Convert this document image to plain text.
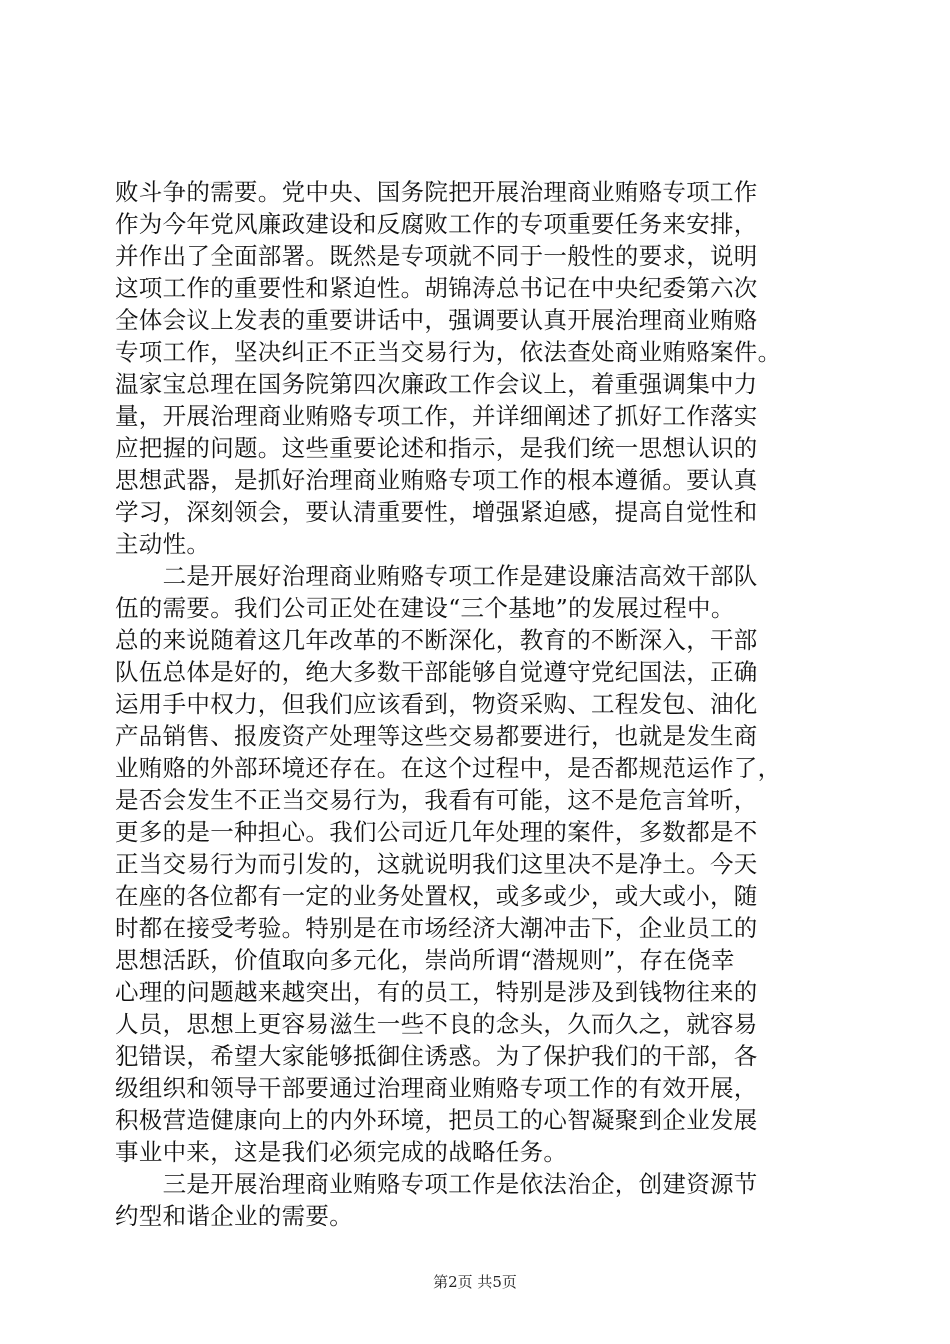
败斗争的需要。党中央、国务院把开展治理商业贿赂专项工作
作为今年党风廉政建设和反腐败工作的专项重要任务来安排，
并作出了全面部署。既然是专项就不同于一般性的要求，说明
这项工作的重要性和紧迫性。胡锦涛总书记在中央纪委第六次
全体会议上发表的重要讲话中，强调要认真开展治理商业贿赂
专项工作，坚决纠正不正当交易行为，依法查处商业贿赂案件。
温家宝总理在国务院第四次廉政工作会议上，着重强调集中力
量，开展治理商业贿赂专项工作，并详细阐述了抓好工作落实
应把握的问题。这些重要论述和指示，是我们统一思想认识的
思想武器，是抓好治理商业贿赂专项工作的根本遵循。要认真
学习，深刻领会，要认清重要性，增强紧迫感，提高自觉性和
主动性。
　　二是开展好治理商业贿赂专项工作是建设廉洁高效干部队
伍的需要。我们公司正处在建设“三个基地”的发展过程中。
总的来说随着这几年改革的不断深化，教育的不断深入，干部
队伍总体是好的，绝大多数干部能够自觉遵守党纪国法，正确
运用手中权力，但我们应该看到，物资采购、工程发包、油化
产品销售、报废资产处理等这些交易都要进行，也就是发生商
业贿赂的外部环境还存在。在这个过程中，是否都规范运作了，
是否会发生不正当交易行为，我看有可能，这不是危言耸听，
更多的是一种担心。我们公司近几年处理的案件，多数都是不
正当交易行为而引发的，这就说明我们这里决不是净土。今天
在座的各位都有一定的业务处置权，或多或少，或大或小，随
时都在接受考验。特别是在市场经济大潮冲击下，企业员工的
思想活跃，价值取向多元化，崇尚所谓“潜规则”，存在侥幸
心理的问题越来越突出，有的员工，特别是涉及到钱物往来的
人员，思想上更容易滋生一些不良的念头，久而久之，就容易
犯错误，希望大家能够抵御住诱惑。为了保护我们的干部，各
级组织和领导干部要通过治理商业贿赂专项工作的有效开展，
积极营造健康向上的内外环境，把员工的心智凝聚到企业发展
事业中来，这是我们必须完成的战略任务。
　　三是开展治理商业贿赂专项工作是依法治企，创建资源节
约型和谐企业的需要。
第2页 共5页
